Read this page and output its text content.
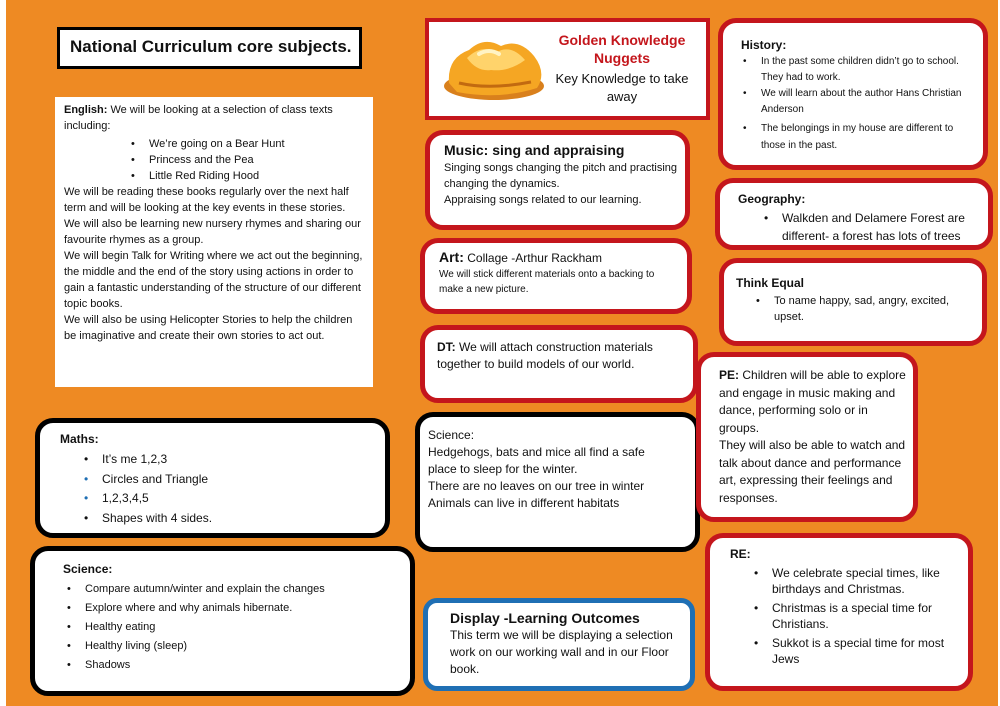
National Curriculum core subjects.

English: We will be looking at a selection of class texts including:

• We’re going on a Bear Hunt
• Princess and the Pea
• Little Red Riding Hood

We will be reading these books regularly over the next half term and will be looking at the key events in these stories.

We will also be learning new nursery rhymes and sharing our favourite rhymes as a group.

We will begin Talk for Writing where we act out the beginning, the middle and the end of the story using actions in order to gain a fantastic understanding of the structure of our different topic books.

We will also be using Helicopter Stories to help the children be imaginative and create their own stories to act out.

Maths:

• It’s me 1,2,3
• Circles and Triangle
• 1,2,3,4,5
• Shapes with 4 sides.

Science:

• Compare autumn/winter and explain the changes
• Explore where and why animals hibernate.
• Healthy eating
• Healthy living (sleep)
• Shadows

Golden Knowledge Nuggets

Key Knowledge to take away

Music: sing and appraising

Singing songs changing the pitch and practising changing the dynamics.

Appraising songs related to our learning.

Art: Collage -Arthur Rackham

We will stick different materials onto a backing to make a new picture.

DT: We will attach construction materials together to build models of our world.

Science:

Hedgehogs, bats and mice all find a safe place to sleep for the winter.

There are no leaves on our tree in winter

Animals can live in different habitats

Display -Learning Outcomes

This term we will be displaying a selection work on our working wall and in our Floor book.

History:

• In the past some children didn’t go to school. They had to work.
• We will learn about the author Hans Christian Anderson
• The belongings in my house are different to those in the past.

Geography:

• Walkden and Delamere Forest are different- a forest has lots of trees

Think Equal

• To name happy, sad, angry, excited, upset.

PE: Children will be able to explore and engage in music making and dance, performing solo or in groups.

They will also be able to watch and talk about dance and performance art, expressing their feelings and responses.

RE:

• We celebrate special times, like birthdays and Christmas.
• Christmas is a special time for Christians.
• Sukkot is a special time for most Jews
